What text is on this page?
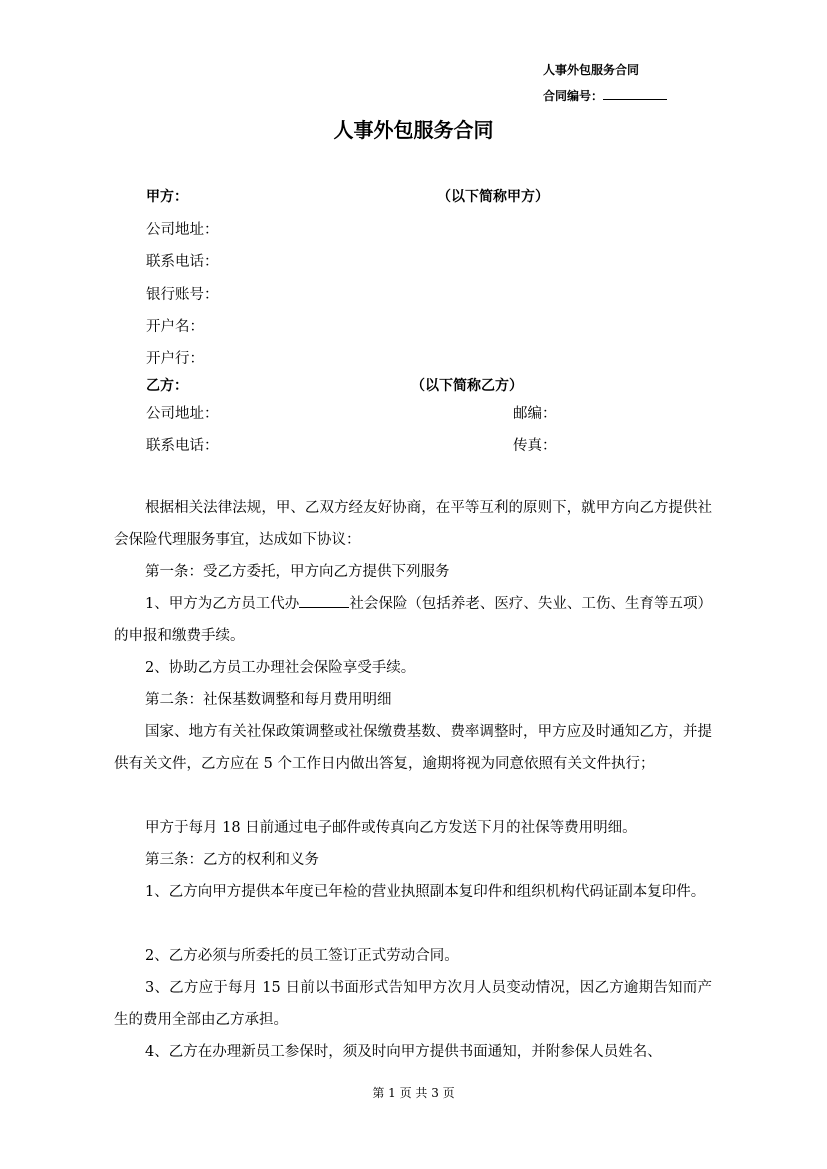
人事外包服务合同
合同编号：
人事外包服务合同
甲方：	（以下简称甲方）
公司地址：
联系电话：
银行账号：
开户名：
开户行：
乙方：	（以下简称乙方）
公司地址：	邮编：
联系电话：	传真：
根据相关法律法规，甲、乙双方经友好协商，在平等互利的原则下，就甲方向乙方提供社会保险代理服务事宜，达成如下协议：
第一条：受乙方委托，甲方向乙方提供下列服务
1、甲方为乙方员工代办	社会保险（包括养老、医疗、失业、工伤、生育等五项）的申报和缴费手续。
2、协助乙方员工办理社会保险享受手续。
第二条：社保基数调整和每月费用明细
国家、地方有关社保政策调整或社保缴费基数、费率调整时，甲方应及时通知乙方，并提供有关文件，乙方应在 5 个工作日内做出答复，逾期将视为同意依照有关文件执行；
甲方于每月 18 日前通过电子邮件或传真向乙方发送下月的社保等费用明细。
第三条：乙方的权利和义务
1、乙方向甲方提供本年度已年检的营业执照副本复印件和组织机构代码证副本复印件。
2、乙方必须与所委托的员工签订正式劳动合同。
3、乙方应于每月 15 日前以书面形式告知甲方次月人员变动情况，因乙方逾期告知而产生的费用全部由乙方承担。
4、乙方在办理新员工参保时，须及时向甲方提供书面通知，并附参保人员姓名、
第 1 页 共 3 页
